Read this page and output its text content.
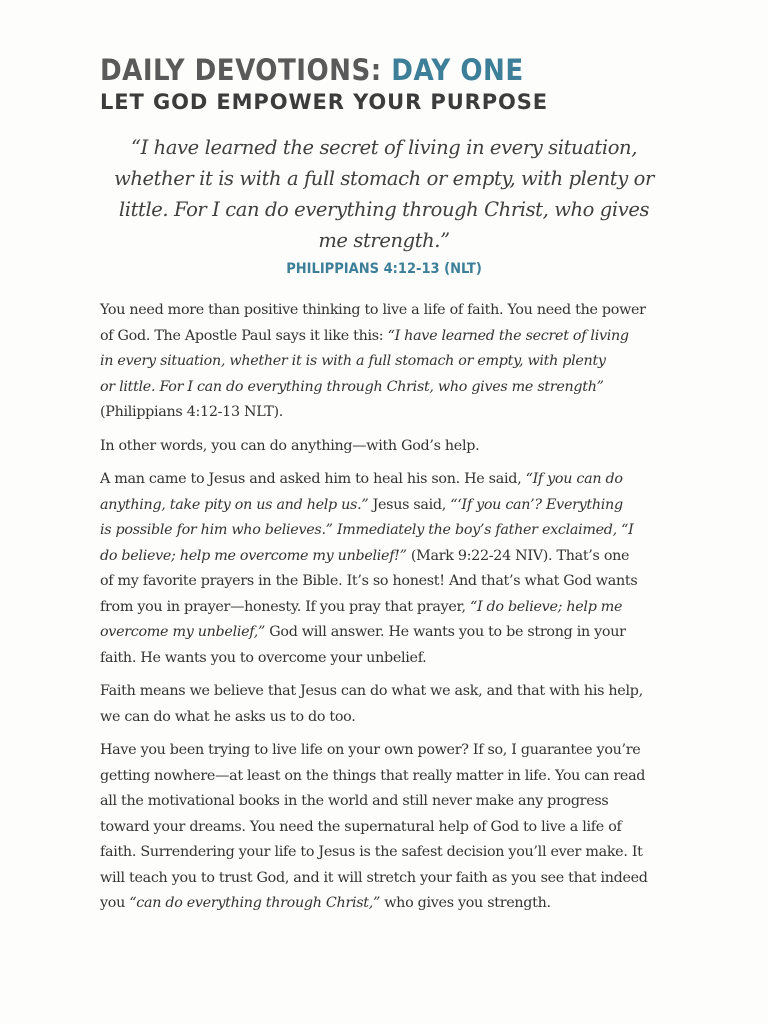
DAILY DEVOTIONS: DAY ONE
LET GOD EMPOWER YOUR PURPOSE
“I have learned the secret of living in every situation,
whether it is with a full stomach or empty, with plenty or
little. For I can do everything through Christ, who gives
me strength.”
PHILIPPIANS 4:12-13 (NLT)
You need more than positive thinking to live a life of faith. You need the power
of God. The Apostle Paul says it like this: “I have learned the secret of living
in every situation, whether it is with a full stomach or empty, with plenty
or little. For I can do everything through Christ, who gives me strength”
(Philippians 4:12-13 NLT).
In other words, you can do anything—with God’s help.
A man came to Jesus and asked him to heal his son. He said, “If you can do
anything, take pity on us and help us.” Jesus said, “‘If you can’? Everything
is possible for him who believes.” Immediately the boy’s father exclaimed, “I
do believe; help me overcome my unbelief!” (Mark 9:22-24 NIV). That’s one
of my favorite prayers in the Bible. It’s so honest! And that’s what God wants
from you in prayer—honesty. If you pray that prayer, “I do believe; help me
overcome my unbelief,” God will answer. He wants you to be strong in your
faith. He wants you to overcome your unbelief.
Faith means we believe that Jesus can do what we ask, and that with his help,
we can do what he asks us to do too.
Have you been trying to live life on your own power? If so, I guarantee you’re
getting nowhere—at least on the things that really matter in life. You can read
all the motivational books in the world and still never make any progress
toward your dreams. You need the supernatural help of God to live a life of
faith. Surrendering your life to Jesus is the safest decision you’ll ever make. It
will teach you to trust God, and it will stretch your faith as you see that indeed
you “can do everything through Christ,” who gives you strength.
